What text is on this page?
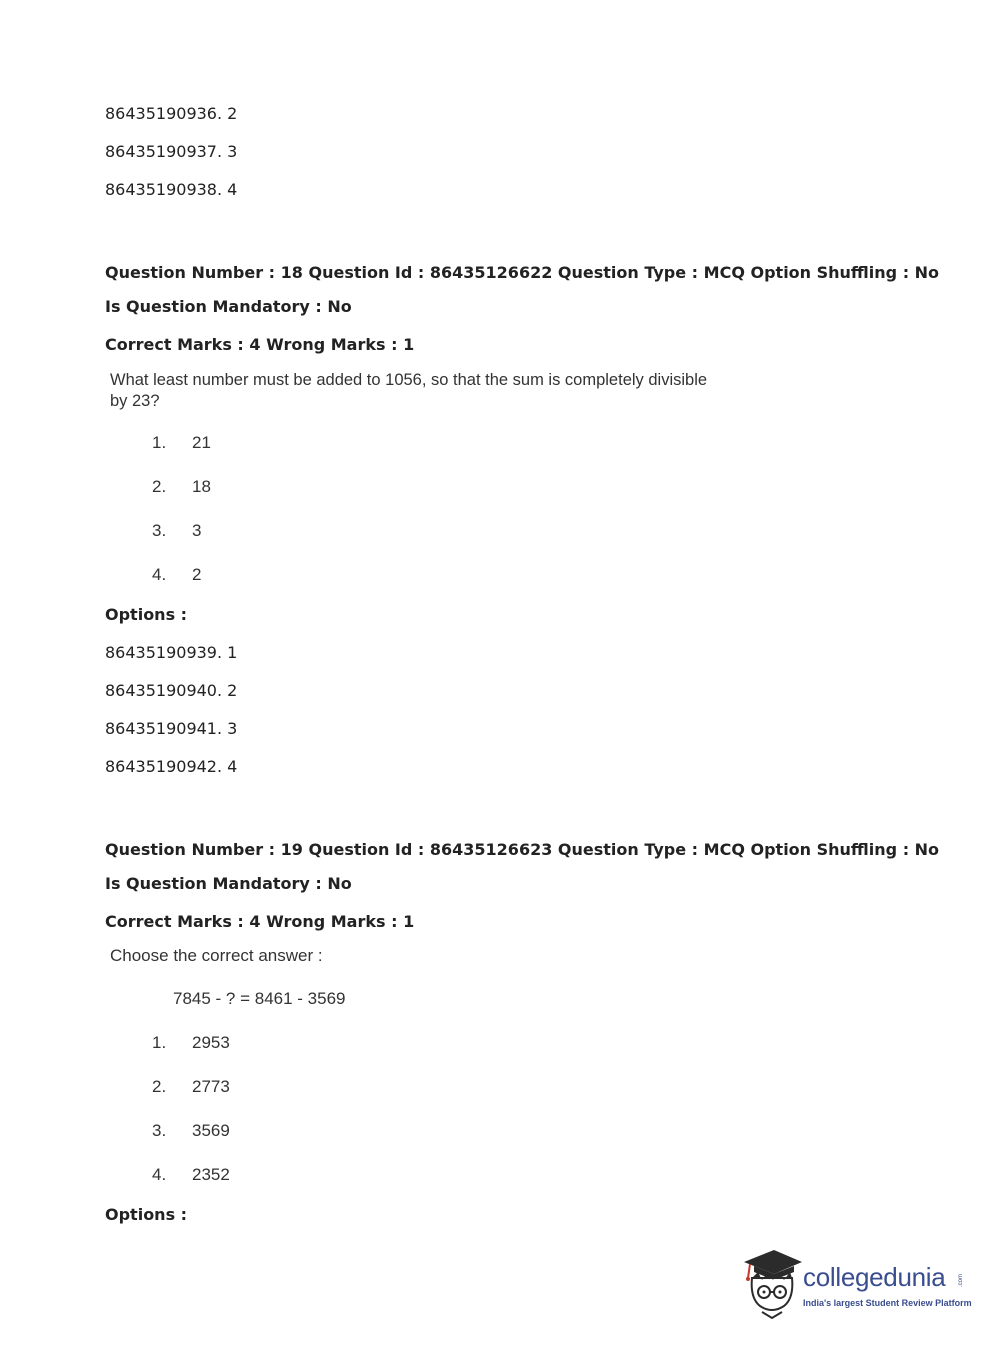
86435190936. 2
86435190937. 3
86435190938. 4
Question Number : 18 Question Id : 86435126622 Question Type : MCQ Option Shuffling : No
Is Question Mandatory : No
Correct Marks : 4 Wrong Marks : 1
What least number must be added to 1056, so that the sum is completely divisible
by 23?
1. 21
2. 18
3. 3
4. 2
Options :
86435190939. 1
86435190940. 2
86435190941. 3
86435190942. 4
Question Number : 19 Question Id : 86435126623 Question Type : MCQ Option Shuffling : No
Is Question Mandatory : No
Correct Marks : 4 Wrong Marks : 1
Choose the correct answer :
7845 - ? = 8461 - 3569
1. 2953
2. 2773
3. 3569
4. 2352
Options :
collegedunia .com
India's largest Student Review Platform
